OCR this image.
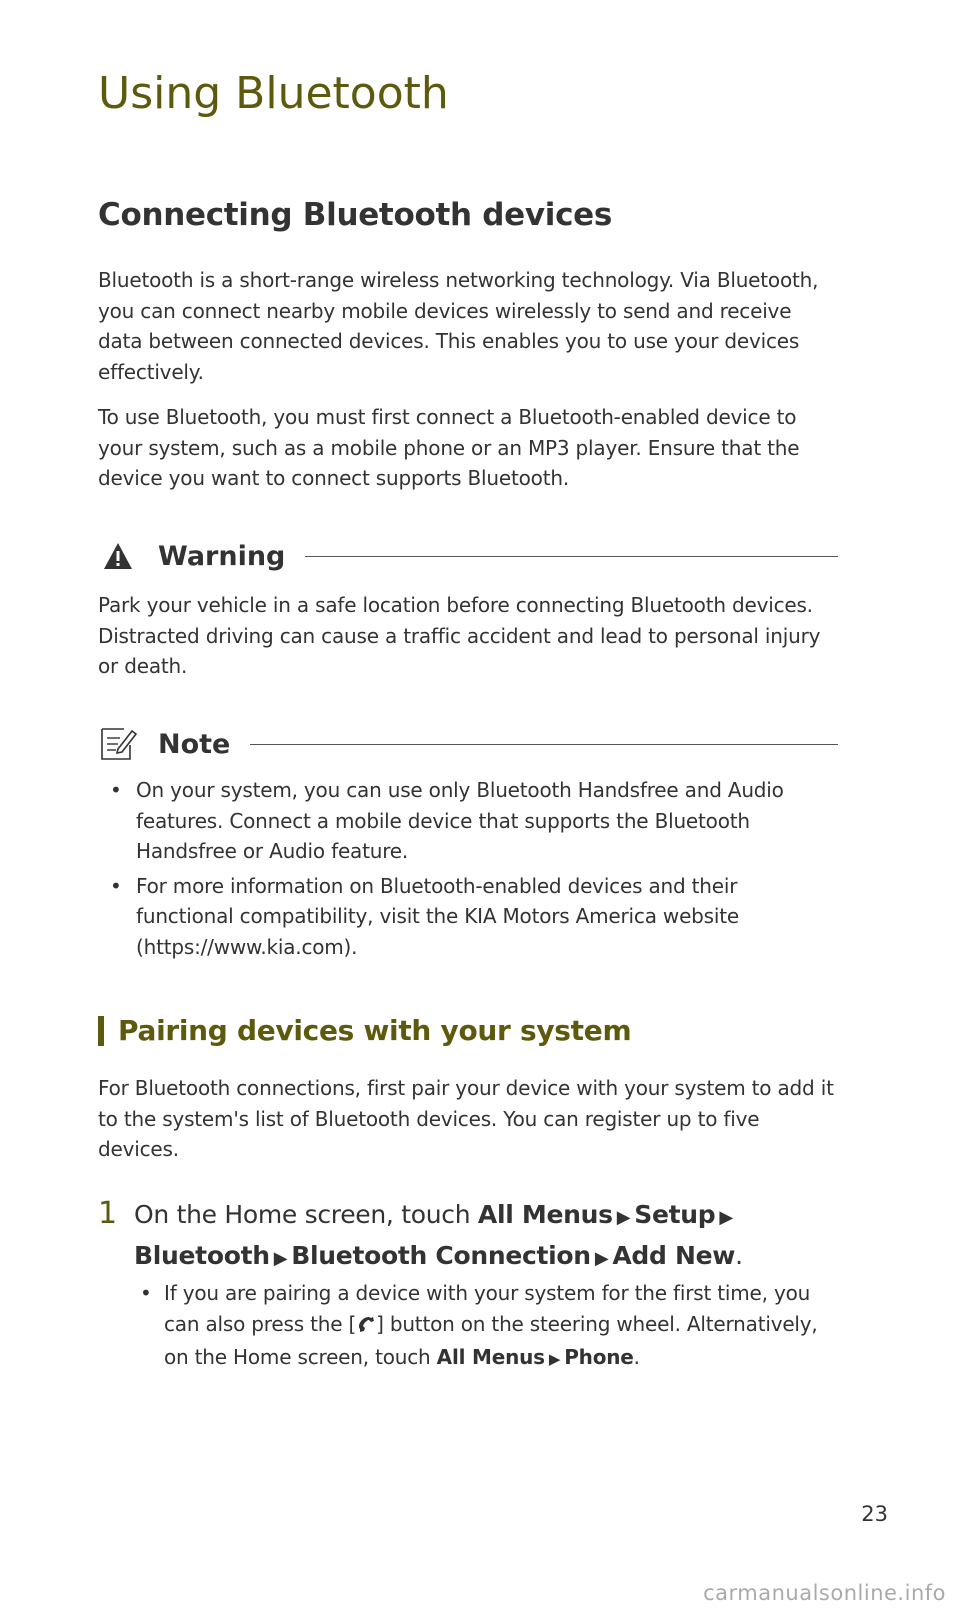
Using Bluetooth
Connecting Bluetooth devices

Bluetooth is a short-range wireless networking technology. Via Bluetooth, you can connect nearby mobile devices wirelessly to send and receive data between connected devices. This enables you to use your devices effectively.

To use Bluetooth, you must first connect a Bluetooth-enabled device to your system, such as a mobile phone or an MP3 player. Ensure that the device you want to connect supports Bluetooth.

Warning

Park your vehicle in a safe location before connecting Bluetooth devices. Distracted driving can cause a traffic accident and lead to personal injury or death.

Note
• On your system, you can use only Bluetooth Handsfree and Audio features. Connect a mobile device that supports the Bluetooth Handsfree or Audio feature.
• For more information on Bluetooth-enabled devices and their functional compatibility, visit the KIA Motors America website (https://www.kia.com).
Pairing devices with your system

For Bluetooth connections, first pair your device with your system to add it to the system's list of Bluetooth devices. You can register up to five devices.

1 On the Home screen, touch All Menus ▶ Setup ▶
Bluetooth ▶ Bluetooth Connection ▶ Add New.
• If you are pairing a device with your system for the first time, you can also press the [ ] button on the steering wheel. Alternatively, on the Home screen, touch All Menus ▶ Phone.
23
carmanualsonline.info
